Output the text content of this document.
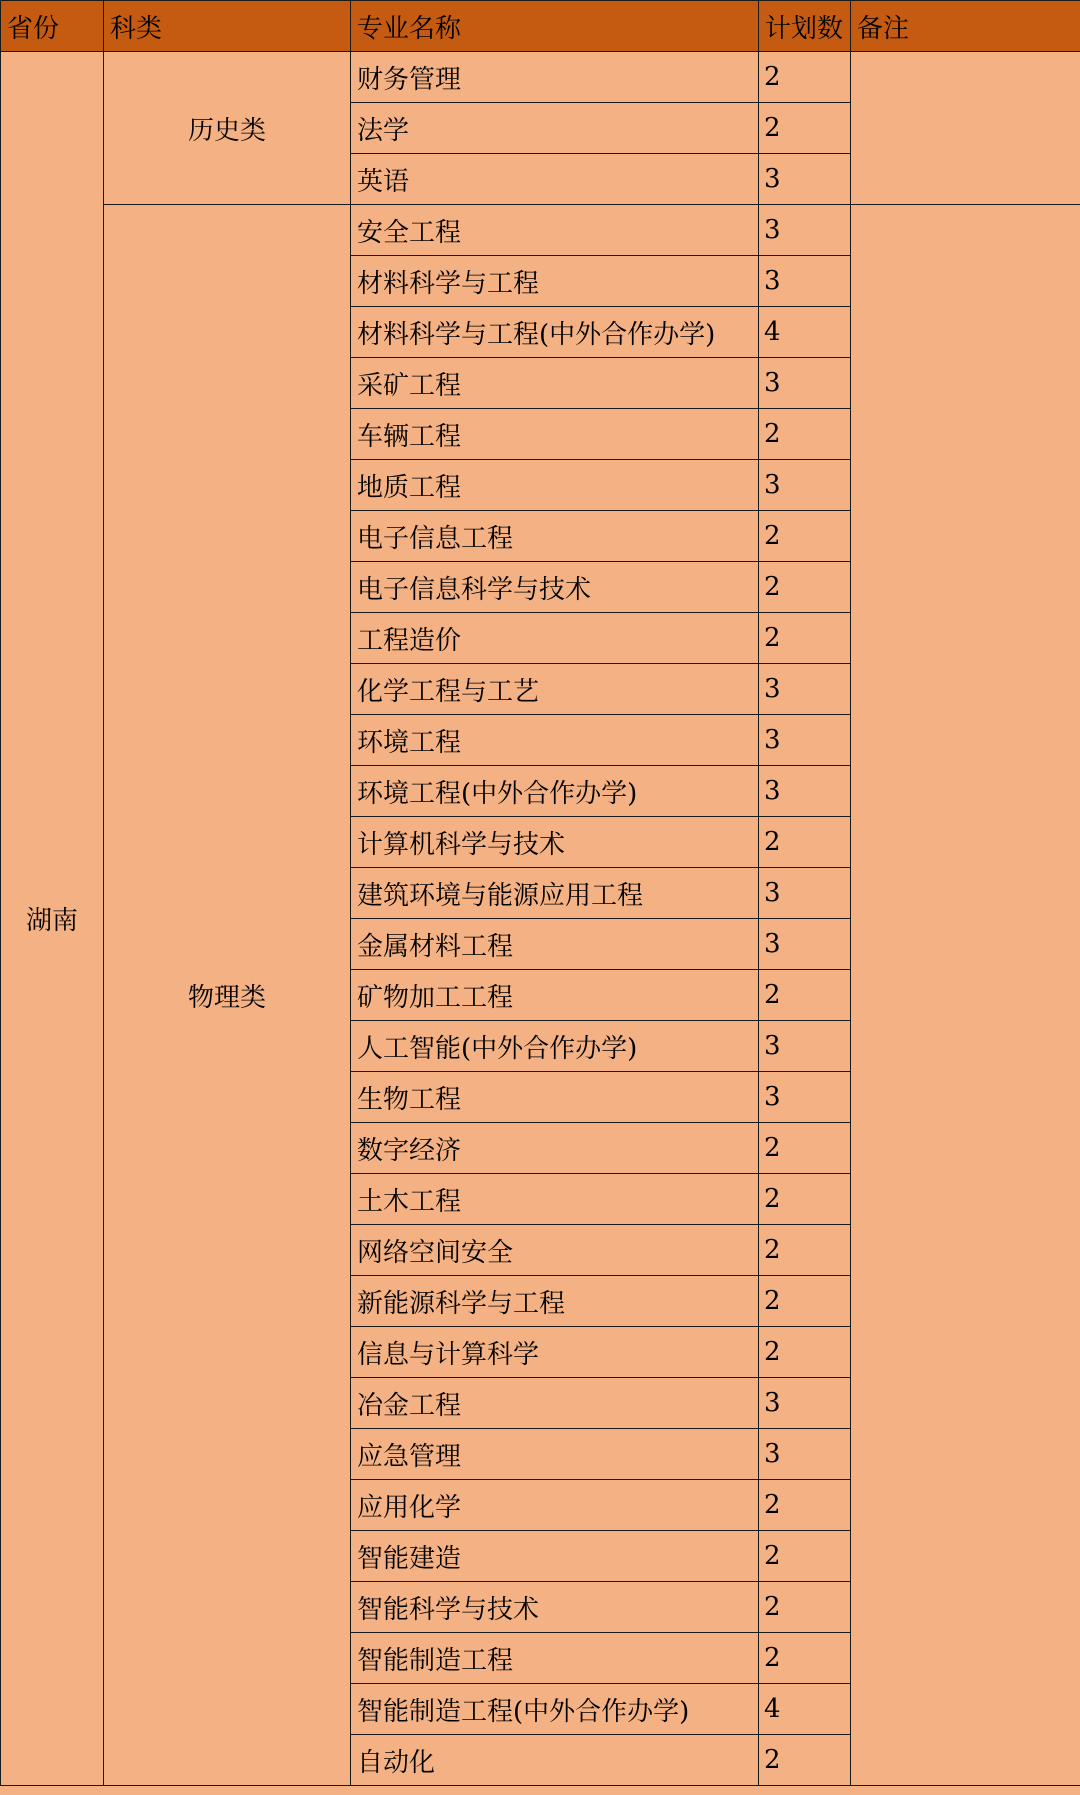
省份	科类	专业名称	计划数	备注
湖南	历史类	财务管理	2	
		法学	2	
		英语	3	
	物理类	安全工程	3	
		材料科学与工程	3	
		材料科学与工程(中外合作办学)	4	
		采矿工程	3	
		车辆工程	2	
		地质工程	3	
		电子信息工程	2	
		电子信息科学与技术	2	
		工程造价	2	
		化学工程与工艺	3	
		环境工程	3	
		环境工程(中外合作办学)	3	
		计算机科学与技术	2	
		建筑环境与能源应用工程	3	
		金属材料工程	3	
		矿物加工工程	2	
		人工智能(中外合作办学)	3	
		生物工程	3	
		数字经济	2	
		土木工程	2	
		网络空间安全	2	
		新能源科学与工程	2	
		信息与计算科学	2	
		冶金工程	3	
		应急管理	3	
		应用化学	2	
		智能建造	2	
		智能科学与技术	2	
		智能制造工程	2	
		智能制造工程(中外合作办学)	4	
		自动化	2	
